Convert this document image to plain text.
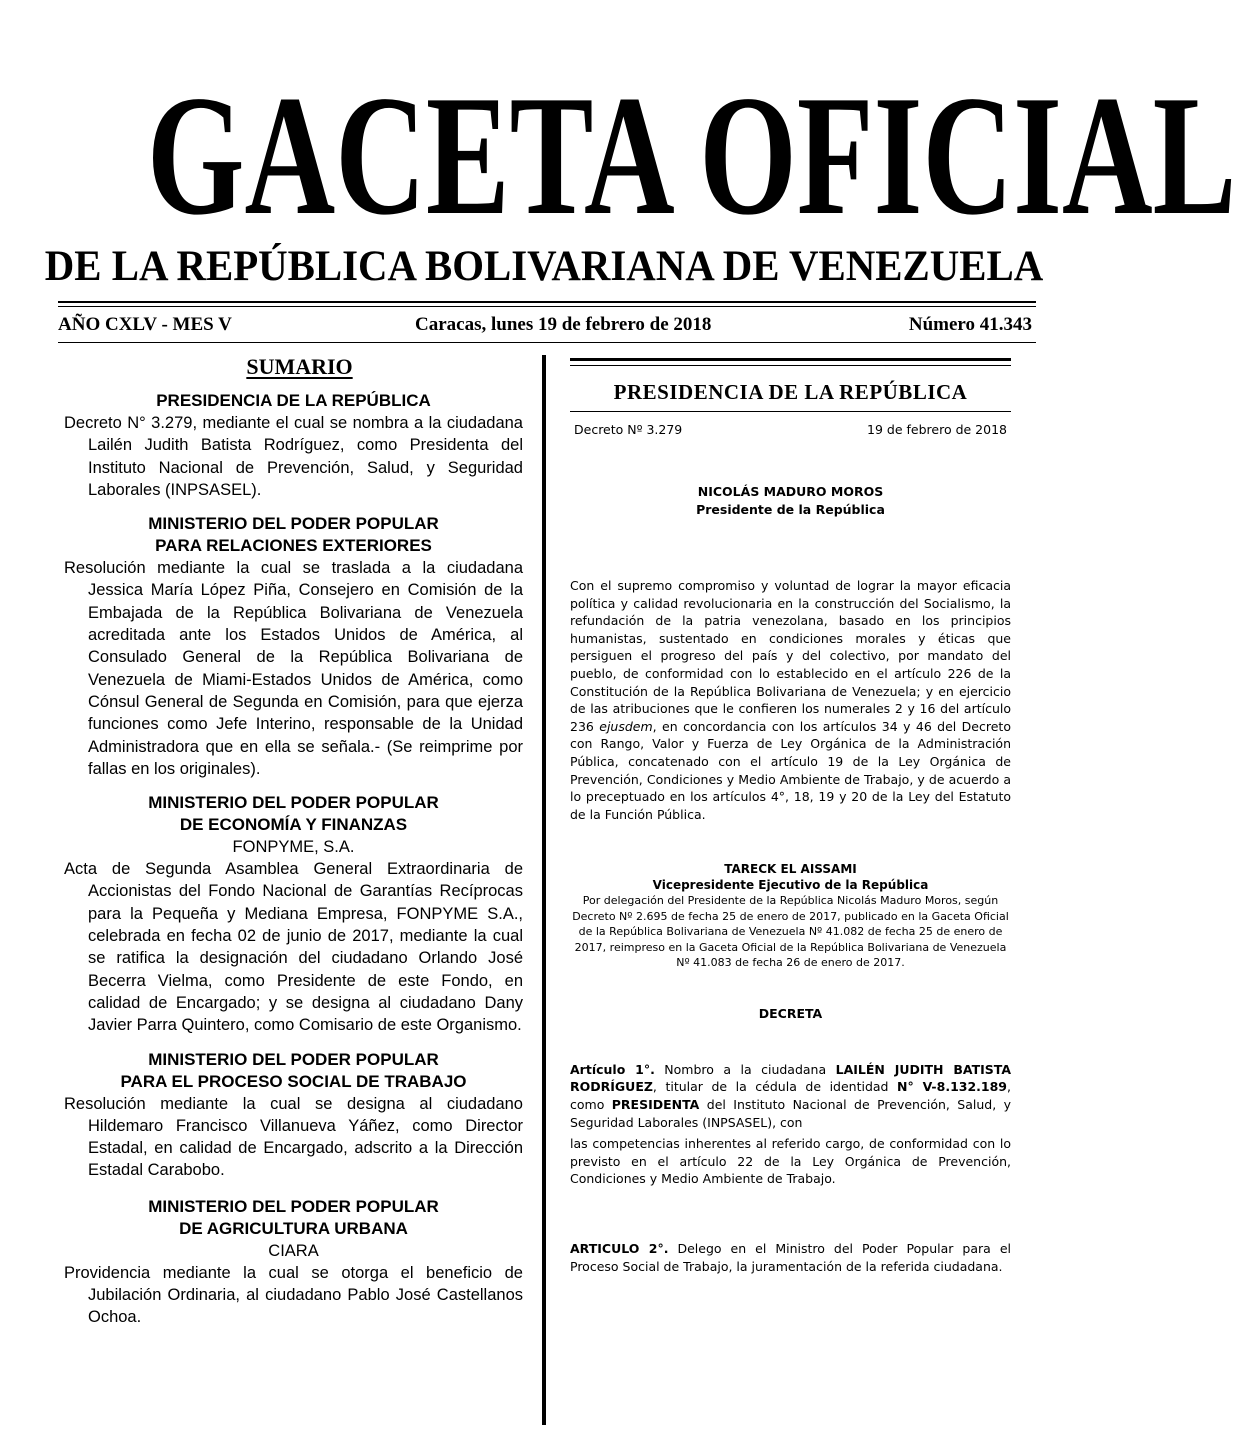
GACETA OFICIAL
DE LA REPÚBLICA BOLIVARIANA DE VENEZUELA
AÑO CXLV - MES V	Caracas, lunes 19 de febrero de 2018	Número 41.343
SUMARIO
PRESIDENCIA DE LA REPÚBLICA
Decreto N° 3.279, mediante el cual se nombra a la ciudadana Lailén Judith Batista Rodríguez, como Presidenta del Instituto Nacional de Prevención, Salud, y Seguridad Laborales (INPSASEL).
MINISTERIO DEL PODER POPULAR
PARA RELACIONES EXTERIORES
Resolución mediante la cual se traslada a la ciudadana Jessica María López Piña, Consejero en Comisión de la Embajada de la República Bolivariana de Venezuela acreditada ante los Estados Unidos de América, al Consulado General de la República Bolivariana de Venezuela de Miami-Estados Unidos de América, como Cónsul General de Segunda en Comisión, para que ejerza funciones como Jefe Interino, responsable de la Unidad Administradora que en ella se señala.- (Se reimprime por fallas en los originales).
MINISTERIO DEL PODER POPULAR
DE ECONOMÍA Y FINANZAS
FONPYME, S.A.
Acta de Segunda Asamblea General Extraordinaria de Accionistas del Fondo Nacional de Garantías Recíprocas para la Pequeña y Mediana Empresa, FONPYME S.A., celebrada en fecha 02 de junio de 2017, mediante la cual se ratifica la designación del ciudadano Orlando José Becerra Vielma, como Presidente de este Fondo, en calidad de Encargado; y se designa al ciudadano Dany Javier Parra Quintero, como Comisario de este Organismo.
MINISTERIO DEL PODER POPULAR
PARA EL PROCESO SOCIAL DE TRABAJO
Resolución mediante la cual se designa al ciudadano Hildemaro Francisco Villanueva Yáñez, como Director Estadal, en calidad de Encargado, adscrito a la Dirección Estadal Carabobo.
MINISTERIO DEL PODER POPULAR
DE AGRICULTURA URBANA
CIARA
Providencia mediante la cual se otorga el beneficio de Jubilación Ordinaria, al ciudadano Pablo José Castellanos Ochoa.
PRESIDENCIA DE LA REPÚBLICA
Decreto Nº 3.279	19 de febrero de 2018
NICOLÁS MADURO MOROS
Presidente de la República
Con el supremo compromiso y voluntad de lograr la mayor eficacia política y calidad revolucionaria en la construcción del Socialismo, la refundación de la patria venezolana, basado en los principios humanistas, sustentado en condiciones morales y éticas que persiguen el progreso del país y del colectivo, por mandato del pueblo, de conformidad con lo establecido en el artículo 226 de la Constitución de la República Bolivariana de Venezuela; y en ejercicio de las atribuciones que le confieren los numerales 2 y 16 del artículo 236 ejusdem, en concordancia con los artículos 34 y 46 del Decreto con Rango, Valor y Fuerza de Ley Orgánica de la Administración Pública, concatenado con el artículo 19 de la Ley Orgánica de Prevención, Condiciones y Medio Ambiente de Trabajo, y de acuerdo a lo preceptuado en los artículos 4°, 18, 19 y 20 de la Ley del Estatuto de la Función Pública.
TARECK EL AISSAMI
Vicepresidente Ejecutivo de la República
Por delegación del Presidente de la República Nicolás Maduro Moros, según Decreto Nº 2.695 de fecha 25 de enero de 2017, publicado en la Gaceta Oficial de la República Bolivariana de Venezuela Nº 41.082 de fecha 25 de enero de 2017, reimpreso en la Gaceta Oficial de la República Bolivariana de Venezuela Nº 41.083 de fecha 26 de enero de 2017.
DECRETA
Artículo 1°. Nombro a la ciudadana LAILÉN JUDITH BATISTA RODRÍGUEZ, titular de la cédula de identidad N° V-8.132.189, como PRESIDENTA del Instituto Nacional de Prevención, Salud, y Seguridad Laborales (INPSASEL), con
las competencias inherentes al referido cargo, de conformidad con lo previsto en el artículo 22 de la Ley Orgánica de Prevención, Condiciones y Medio Ambiente de Trabajo.
ARTICULO 2°. Delego en el Ministro del Poder Popular para el Proceso Social de Trabajo, la juramentación de la referida ciudadana.
